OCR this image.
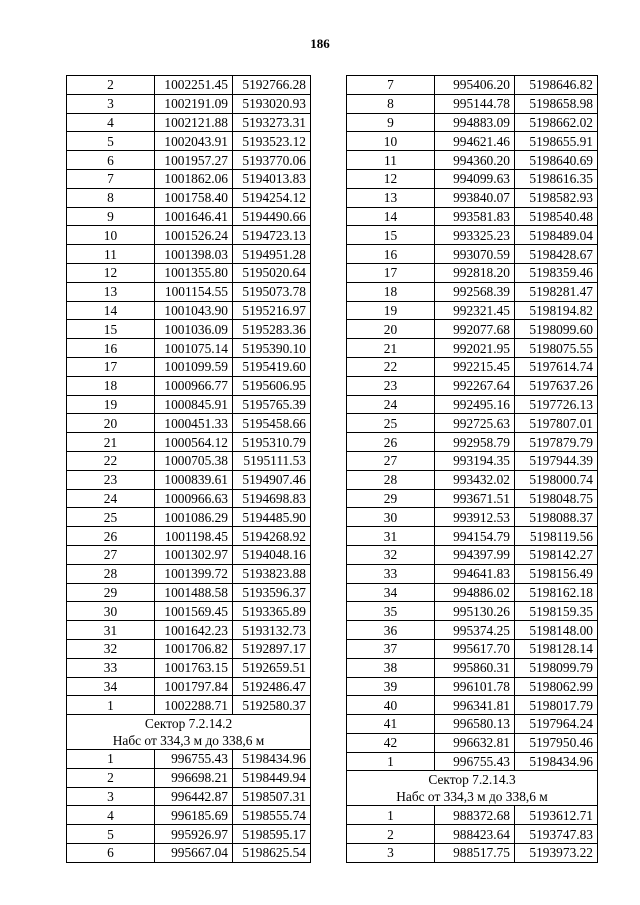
186
2	1002251.45	5192766.28
3	1002191.09	5193020.93
4	1002121.88	5193273.31
5	1002043.91	5193523.12
6	1001957.27	5193770.06
7	1001862.06	5194013.83
8	1001758.40	5194254.12
9	1001646.41	5194490.66
10	1001526.24	5194723.13
11	1001398.03	5194951.28
12	1001355.80	5195020.64
13	1001154.55	5195073.78
14	1001043.90	5195216.97
15	1001036.09	5195283.36
16	1001075.14	5195390.10
17	1001099.59	5195419.60
18	1000966.77	5195606.95
19	1000845.91	5195765.39
20	1000451.33	5195458.66
21	1000564.12	5195310.79
22	1000705.38	5195111.53
23	1000839.61	5194907.46
24	1000966.63	5194698.83
25	1001086.29	5194485.90
26	1001198.45	5194268.92
27	1001302.97	5194048.16
28	1001399.72	5193823.88
29	1001488.58	5193596.37
30	1001569.45	5193365.89
31	1001642.23	5193132.73
32	1001706.82	5192897.17
33	1001763.15	5192659.51
34	1001797.84	5192486.47
1	1002288.71	5192580.37

Сектор 7.2.14.2
Набс от 334,3 м до 338,6 м		

1	996755.43	5198434.96
2	996698.21	5198449.94
3	996442.87	5198507.31
4	996185.69	5198555.74
5	995926.97	5198595.17
6	995667.04	5198625.54
7	995406.20	5198646.82
8	995144.78	5198658.98
9	994883.09	5198662.02
10	994621.46	5198655.91
11	994360.20	5198640.69
12	994099.63	5198616.35
13	993840.07	5198582.93
14	993581.83	5198540.48
15	993325.23	5198489.04
16	993070.59	5198428.67
17	992818.20	5198359.46
18	992568.39	5198281.47
19	992321.45	5198194.82
20	992077.68	5198099.60
21	992021.95	5198075.55
22	992215.45	5197614.74
23	992267.64	5197637.26
24	992495.16	5197726.13
25	992725.63	5197807.01
26	992958.79	5197879.79
27	993194.35	5197944.39
28	993432.02	5198000.74
29	993671.51	5198048.75
30	993912.53	5198088.37
31	994154.79	5198119.56
32	994397.99	5198142.27
33	994641.83	5198156.49
34	994886.02	5198162.18
35	995130.26	5198159.35
36	995374.25	5198148.00
37	995617.70	5198128.14
38	995860.31	5198099.79
39	996101.78	5198062.99
40	996341.81	5198017.79
41	996580.13	5197964.24
42	996632.81	5197950.46
1	996755.43	5198434.96

Сектор 7.2.14.3
Набс от 334,3 м до 338,6 м		

1	988372.68	5193612.71
2	988423.64	5193747.83
3	988517.75	5193973.22
